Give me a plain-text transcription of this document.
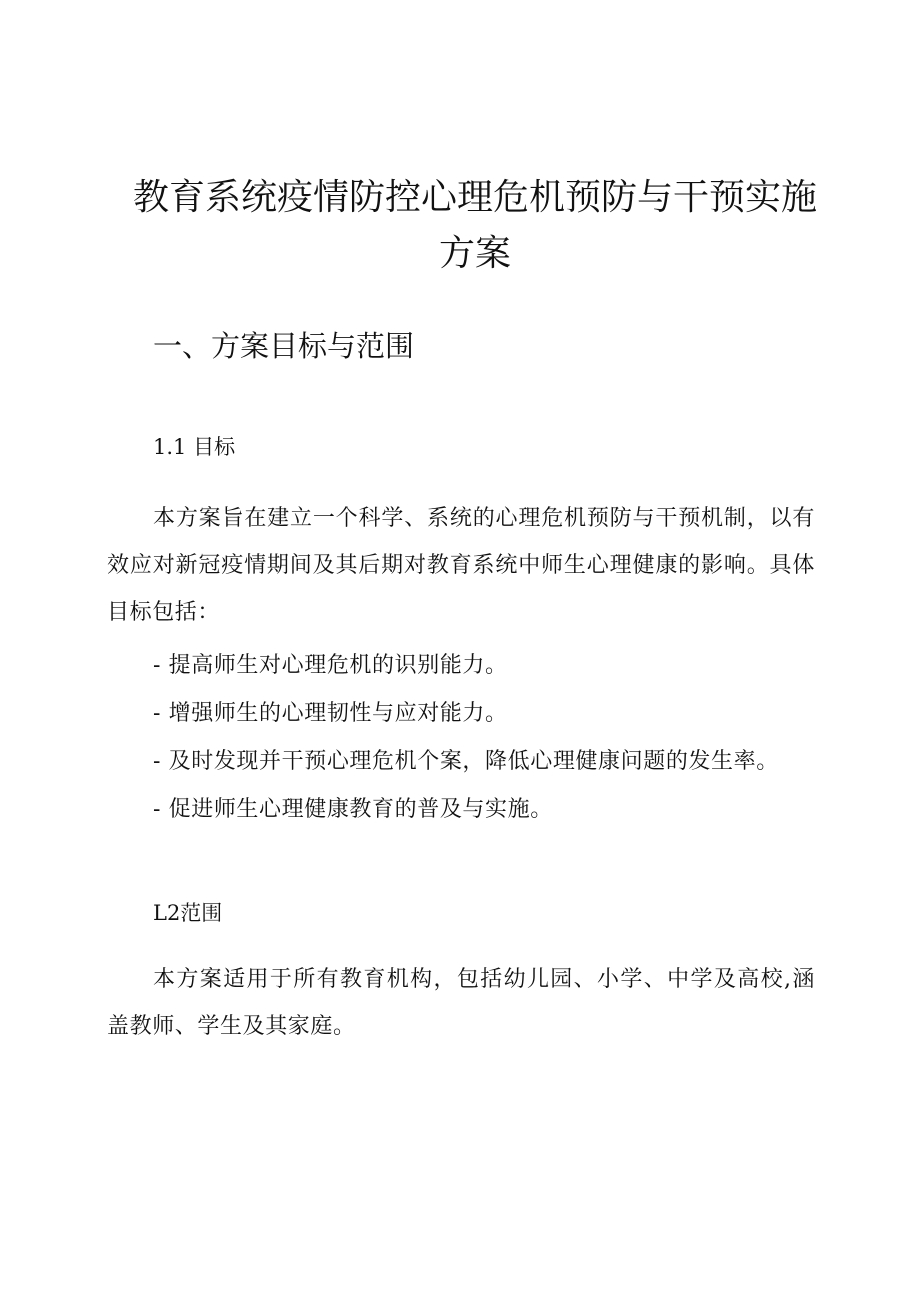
教育系统疫情防控心理危机预防与干预实施方案
一、方案目标与范围
1.1 目标

本方案旨在建立一个科学、系统的心理危机预防与干预机制，以有效应对新冠疫情期间及其后期对教育系统中师生心理健康的影响。具体目标包括：

- 提高师生对心理危机的识别能力。
- 增强师生的心理韧性与应对能力。
- 及时发现并干预心理危机个案，降低心理健康问题的发生率。
- 促进师生心理健康教育的普及与实施。
L2范围

本方案适用于所有教育机构，包括幼儿园、小学、中学及高校,涵盖教师、学生及其家庭。
